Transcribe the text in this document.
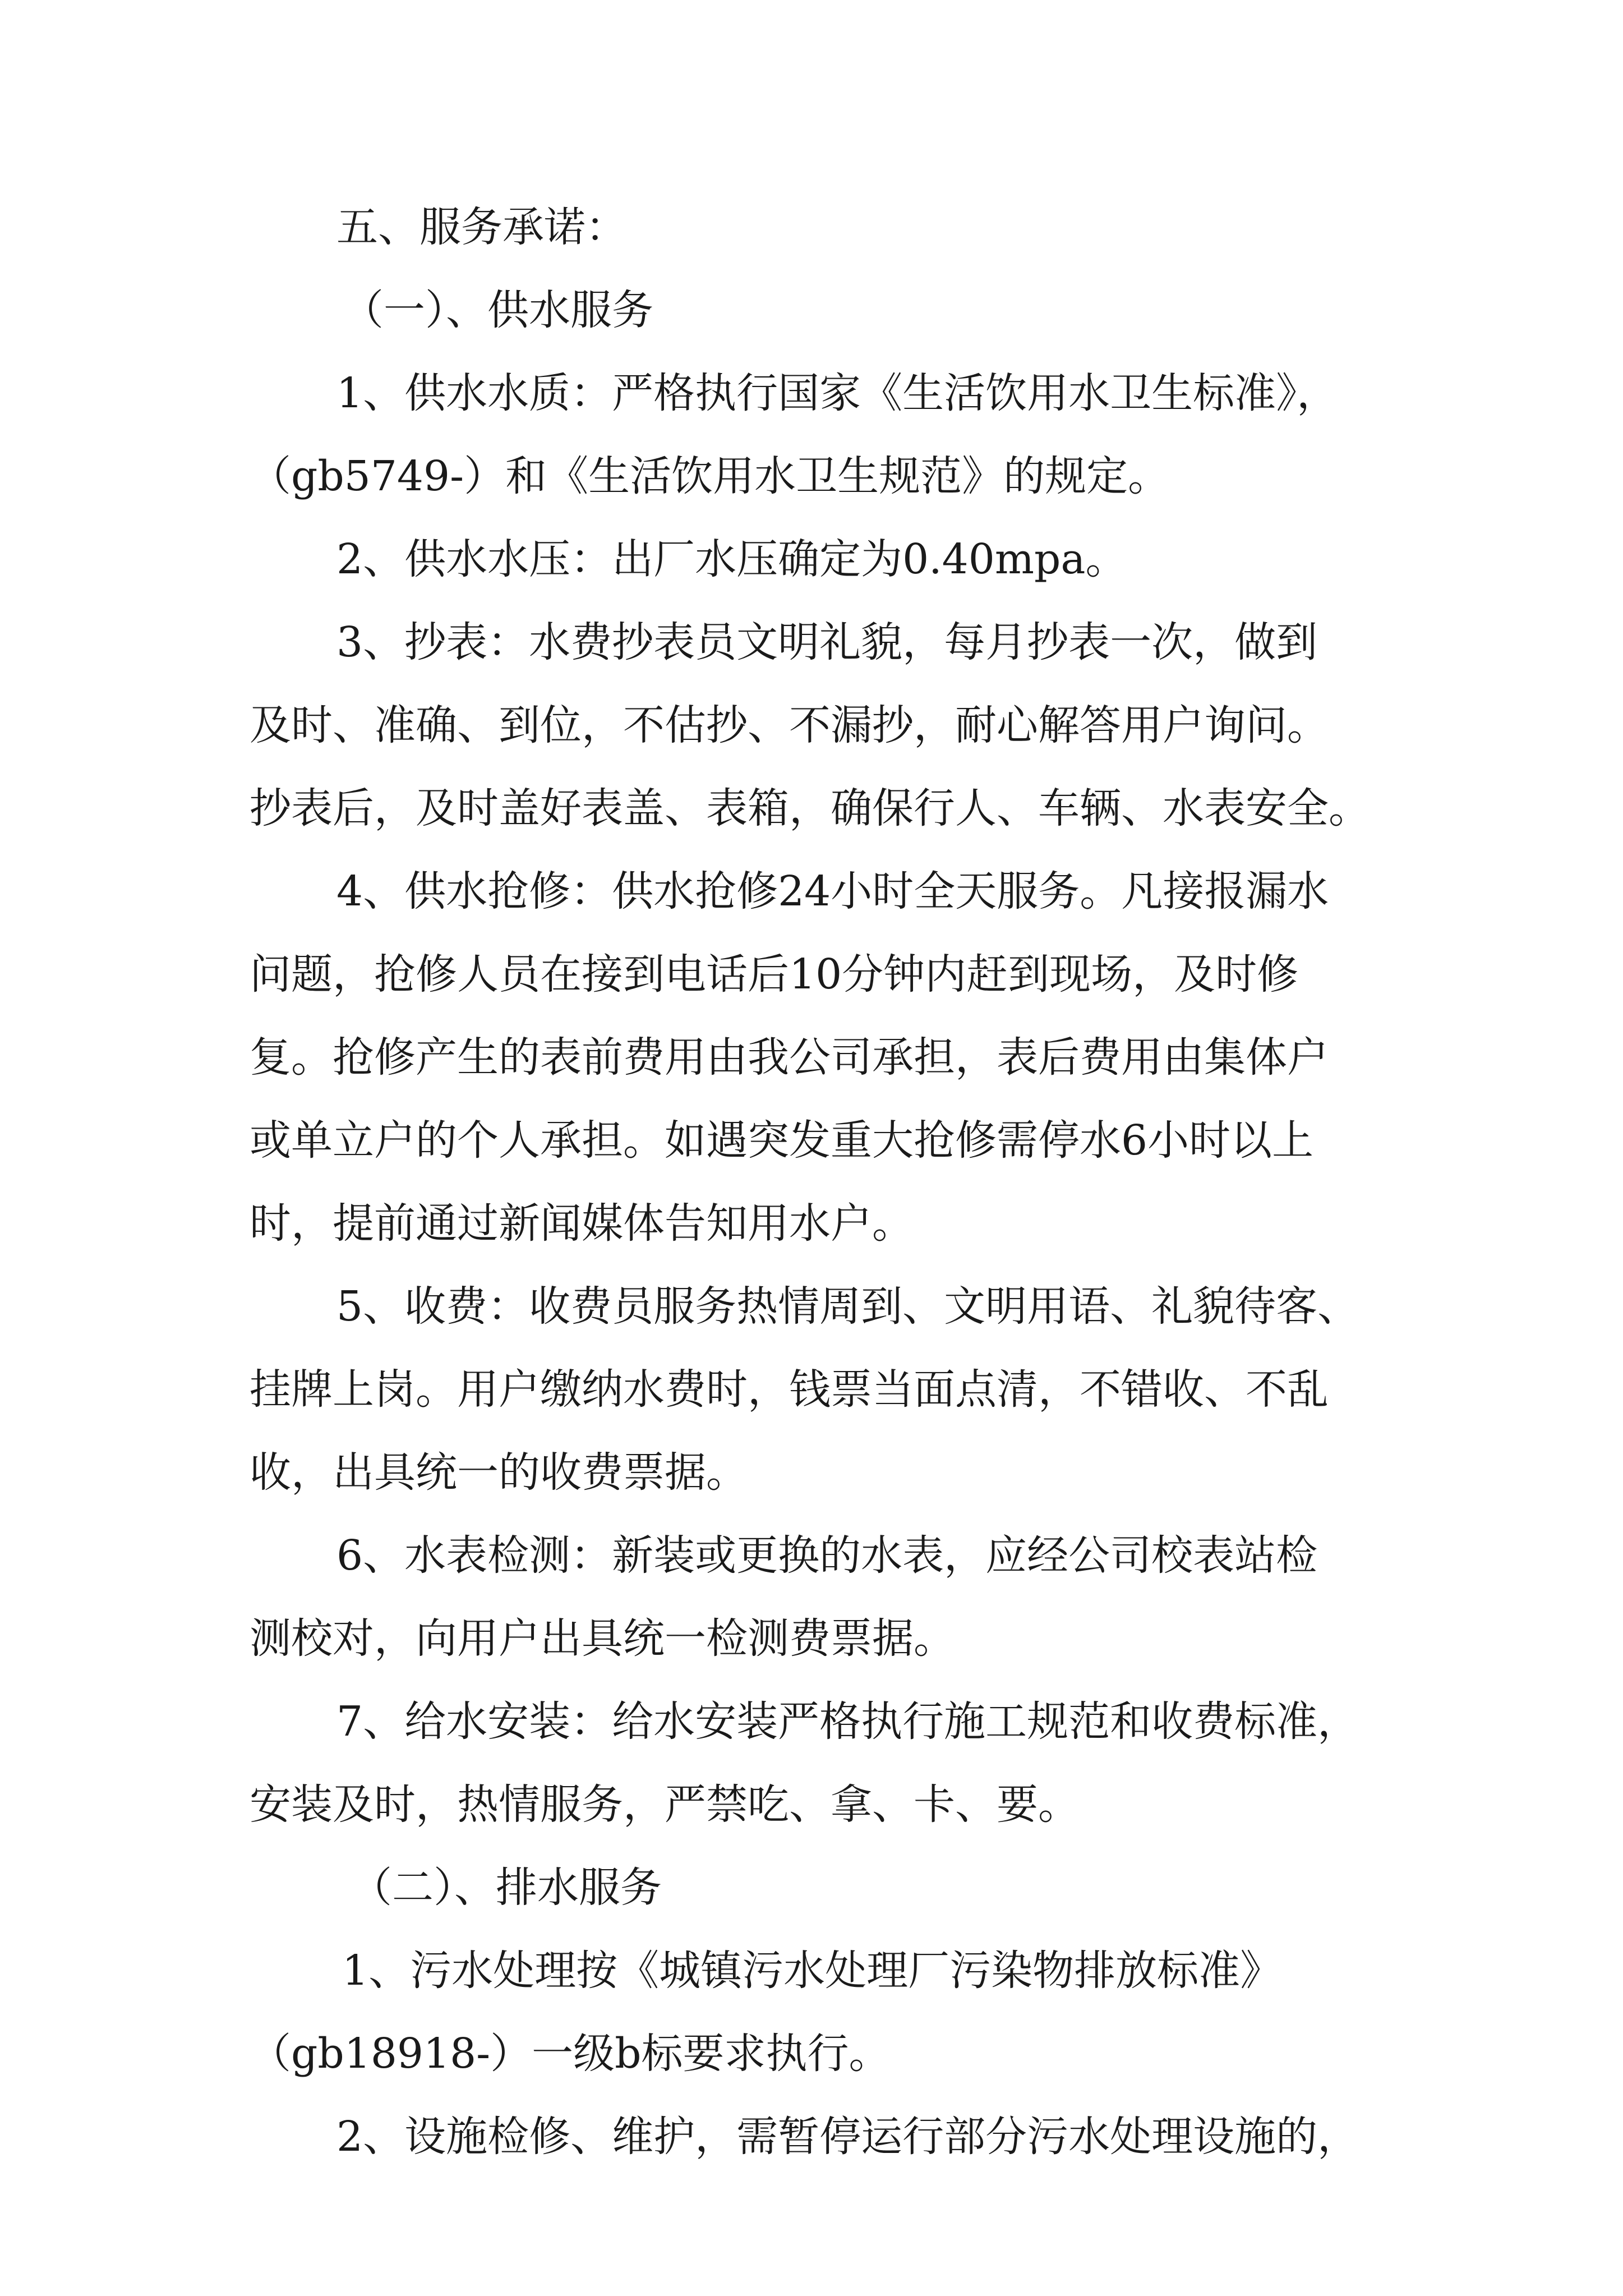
五、服务承诺：
（一）、供水服务
1、供水水质：严格执行国家《生活饮用水卫生标准》，
（gb5749-）和《生活饮用水卫生规范》的规定。
2、供水水压：出厂水压确定为0.40mpa。
3、抄表：水费抄表员文明礼貌，每月抄表一次，做到
及时、准确、到位，不估抄、不漏抄，耐心解答用户询问。
抄表后，及时盖好表盖、表箱，确保行人、车辆、水表安全。
4、供水抢修：供水抢修24小时全天服务。凡接报漏水
问题，抢修人员在接到电话后10分钟内赶到现场，及时修
复。抢修产生的表前费用由我公司承担，表后费用由集体户
或单立户的个人承担。如遇突发重大抢修需停水6小时以上
时，提前通过新闻媒体告知用水户。
5、收费：收费员服务热情周到、文明用语、礼貌待客、
挂牌上岗。用户缴纳水费时，钱票当面点清，不错收、不乱
收，出具统一的收费票据。
6、水表检测：新装或更换的水表，应经公司校表站检
测校对，向用户出具统一检测费票据。
7、给水安装：给水安装严格执行施工规范和收费标准，
安装及时，热情服务，严禁吃、拿、卡、要。
（二）、排水服务
1、污水处理按《城镇污水处理厂污染物排放标准》
（gb18918-）一级b标要求执行。
2、设施检修、维护，需暂停运行部分污水处理设施的，
